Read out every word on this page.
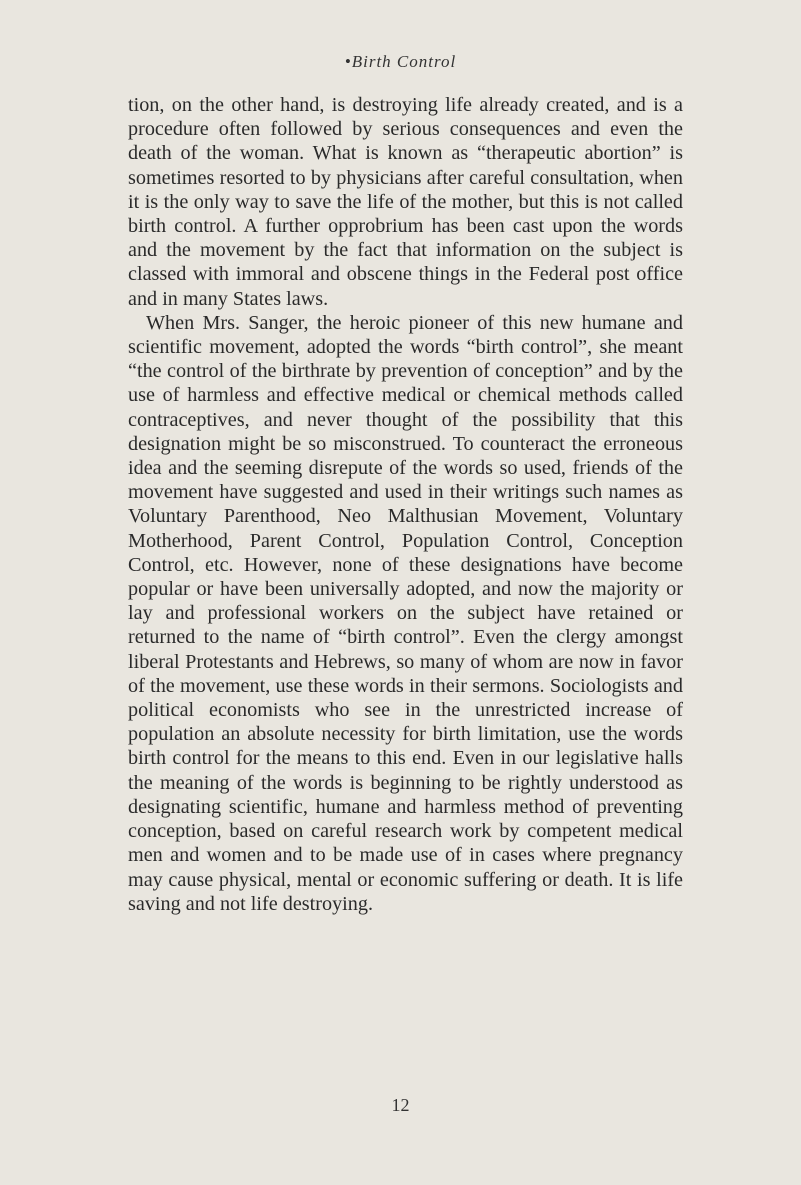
•Birth Control

tion, on the other hand, is destroying life already created, and is a procedure often followed by serious consequences and even the death of the woman. What is known as “therapeutic abortion” is sometimes resorted to by physicians after careful consultation, when it is the only way to save the life of the mother, but this is not called birth control. A further opprobrium has been cast upon the words and the movement by the fact that information on the subject is classed with immoral and obscene things in the Federal post office and in many States laws.

When Mrs. Sanger, the heroic pioneer of this new humane and scientific movement, adopted the words “birth control”, she meant “the control of the birthrate by prevention of conception” and by the use of harmless and effective medical or chemical methods called contraceptives, and never thought of the possibility that this designation might be so misconstrued. To counteract the erroneous idea and the seeming disrepute of the words so used, friends of the movement have suggested and used in their writings such names as Voluntary Parenthood, Neo Malthusian Movement, Voluntary Motherhood, Parent Control, Population Control, Conception Control, etc. However, none of these designations have become popular or have been universally adopted, and now the majority or lay and professional workers on the subject have retained or returned to the name of “birth control”. Even the clergy amongst liberal Protestants and Hebrews, so many of whom are now in favor of the movement, use these words in their sermons. Sociologists and political economists who see in the unrestricted increase of population an absolute necessity for birth limitation, use the words birth control for the means to this end. Even in our legislative halls the meaning of the words is beginning to be rightly understood as designating scientific, humane and harmless method of preventing conception, based on careful research work by competent medical men and women and to be made use of in cases where pregnancy may cause physical, mental or economic suffering or death. It is life saving and not life destroying.

12
